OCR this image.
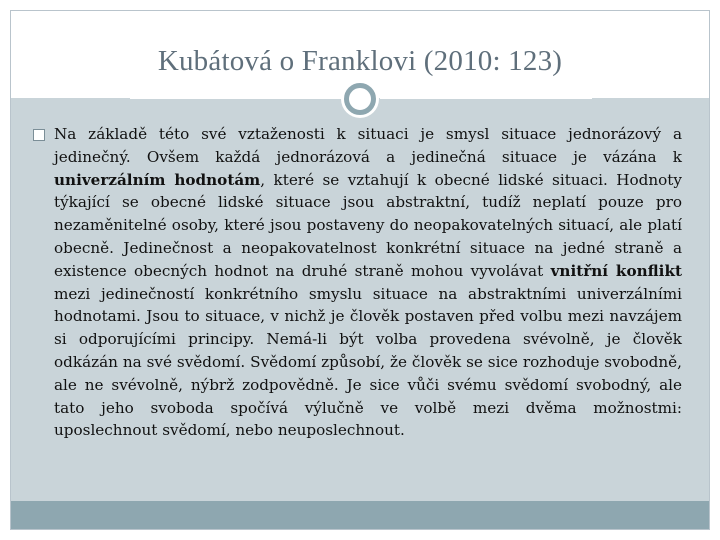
Kubátová o Franklovi (2010: 123)
Na základě této své vztaženosti k situaci je smysl situace jednorázový a jedinečný. Ovšem každá jednorázová a jedinečná situace je vázána k univerzálním hodnotám, které se vztahují k obecné lidské situaci. Hodnoty týkající se obecné lidské situace jsou abstraktní, tudíž neplatí pouze pro nezaměnitelné osoby, které jsou postaveny do neopakovatelných situací, ale platí obecně. Jedinečnost a neopakovatelnost konkrétní situace na jedné straně a existence obecných hodnot na druhé straně mohou vyvolávat vnitřní konflikt mezi jedinečností konkrétního smyslu situace na abstraktními univerzálními hodnotami. Jsou to situace, v nichž je člověk postaven před volbu mezi navzájem si odporujícími principy. Nemá-li být volba provedena svévolně, je člověk odkázán na své svědomí. Svědomí způsobí, že člověk se sice rozhoduje svobodně, ale ne svévolně, nýbrž zodpovědně. Je sice vůči svému svědomí svobodný, ale tato jeho svoboda spočívá výlučně ve volbě mezi dvěma možnostmi: uposlechnout svědomí, nebo neuposlechnout.
